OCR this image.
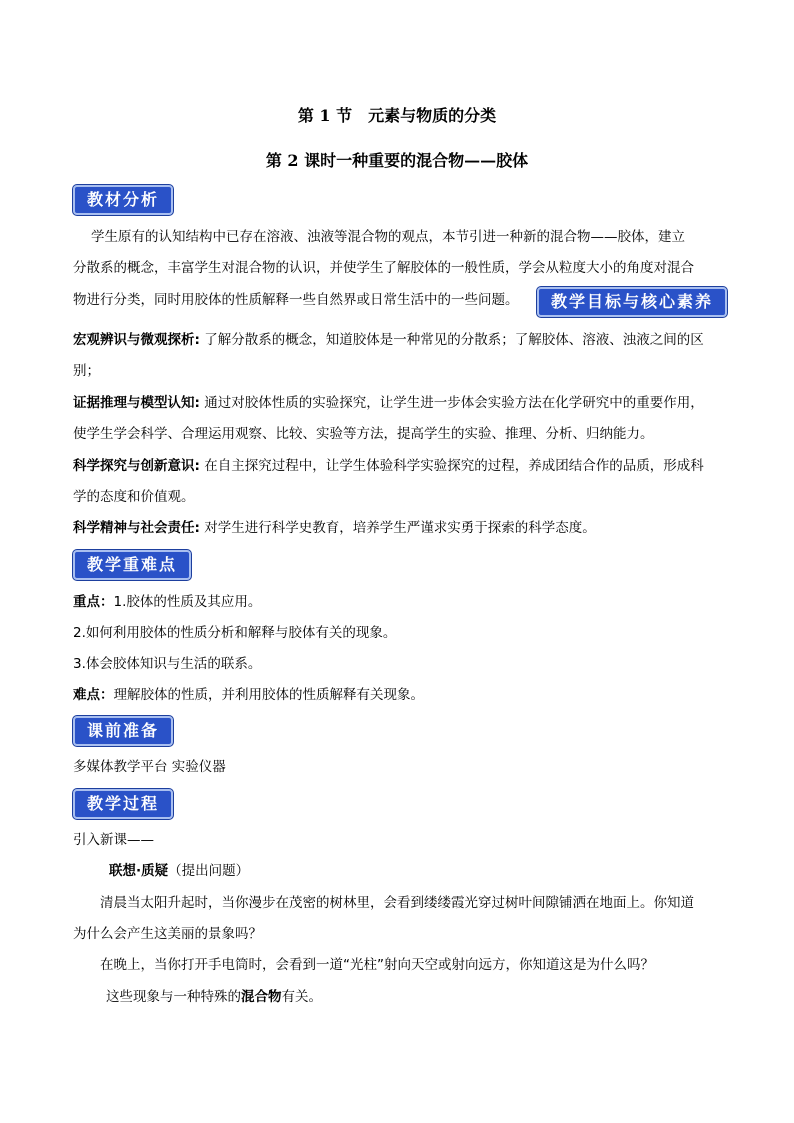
第 1 节　元素与物质的分类
第 2 课时一种重要的混合物——胶体
教材分析
学生原有的认知结构中已存在溶液、浊液等混合物的观点，本节引进一种新的混合物——胶体，建立
分散系的概念，丰富学生对混合物的认识，并使学生了解胶体的一般性质，学会从粒度大小的角度对混合
物进行分类，同时用胶体的性质解释一些自然界或日常生活中的一些问题。	教学目标与核心素养
宏观辨识与微观探析: 了解分散系的概念，知道胶体是一种常见的分散系；了解胶体、溶液、浊液之间的区
别；
证据推理与模型认知: 通过对胶体性质的实验探究，让学生进一步体会实验方法在化学研究中的重要作用，
使学生学会科学、合理运用观察、比较、实验等方法，提高学生的实验、推理、分析、归纳能力。
科学探究与创新意识: 在自主探究过程中，让学生体验科学实验探究的过程，养成团结合作的品质，形成科
学的态度和价值观。
科学精神与社会责任: 对学生进行科学史教育，培养学生严谨求实勇于探索的科学态度。
教学重难点
重点：1.胶体的性质及其应用。
2.如何利用胶体的性质分析和解释与胶体有关的现象。
3.体会胶体知识与生活的联系。
难点：理解胶体的性质，并利用胶体的性质解释有关现象。
课前准备
多媒体教学平台 实验仪器
教学过程
引入新课——
联想·质疑（提出问题）
清晨当太阳升起时，当你漫步在茂密的树林里，会看到缕缕霞光穿过树叶间隙铺洒在地面上。你知道
为什么会产生这美丽的景象吗？
在晚上，当你打开手电筒时，会看到一道“光柱”射向天空或射向远方，你知道这是为什么吗？
这些现象与一种特殊的混合物有关。
